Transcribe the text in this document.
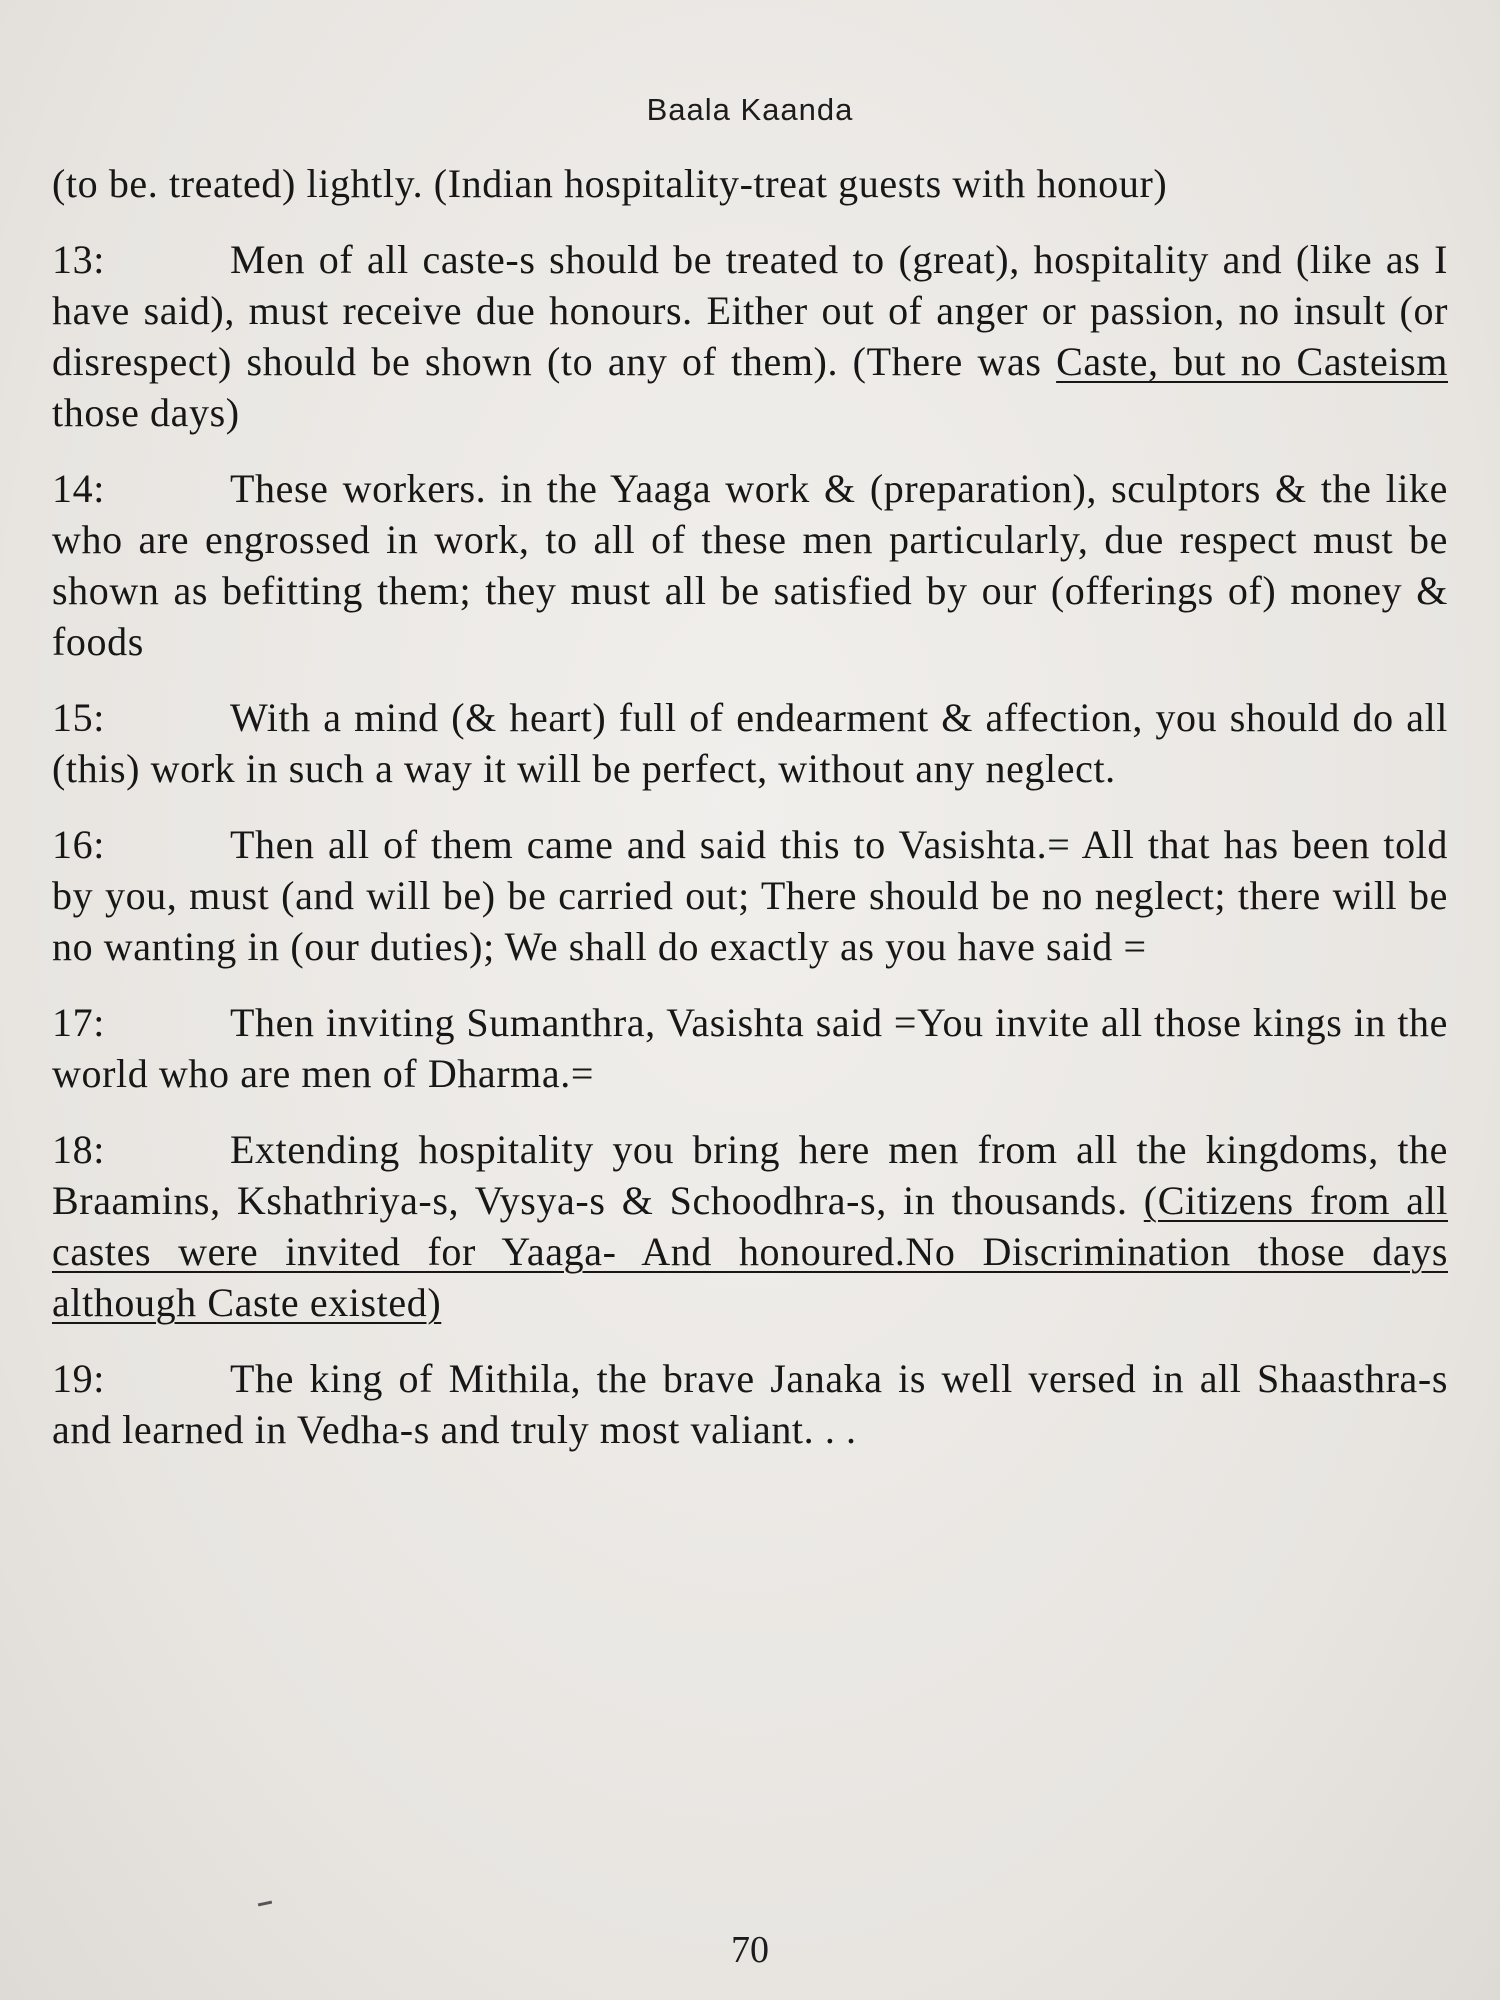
Baala Kaanda

(to be. treated) lightly. (Indian hospitality-treat guests with honour)

13:	Men of all caste-s should be treated to (great), hospitality and (like as I have said), must receive due honours. Either out of anger or passion, no insult (or disrespect) should be shown (to any of them). (There was Caste, but no Casteism those days)

14:	These workers. in the Yaaga work & (preparation), sculptors & the like who are engrossed in work, to all of these men particularly, due respect must be shown as befitting them; they must all be satisfied by our (offerings of) money & foods

15:	With a mind (& heart) full of endearment & affection, you should do all (this) work in such a way it will be perfect, without any neglect.

16:	Then all of them came and said this to Vasishta.= All that has been told by you, must (and will be) be carried out; There should be no neglect; there will be no wanting in (our duties); We shall do exactly as you have said =

17:	Then inviting Sumanthra, Vasishta said =You invite all those kings in the world who are men of Dharma.=

18:	Extending hospitality you bring here men from all the kingdoms, the Braamins, Kshathriya-s, Vysya-s & Schoodhra-s, in thousands. (Citizens from all castes were invited for Yaaga- And honoured.No Discrimination those days although Caste existed)

19:	The king of Mithila, the brave Janaka is well versed in all Shaasthra-s and learned in Vedha-s and truly most valiant. . .

70
